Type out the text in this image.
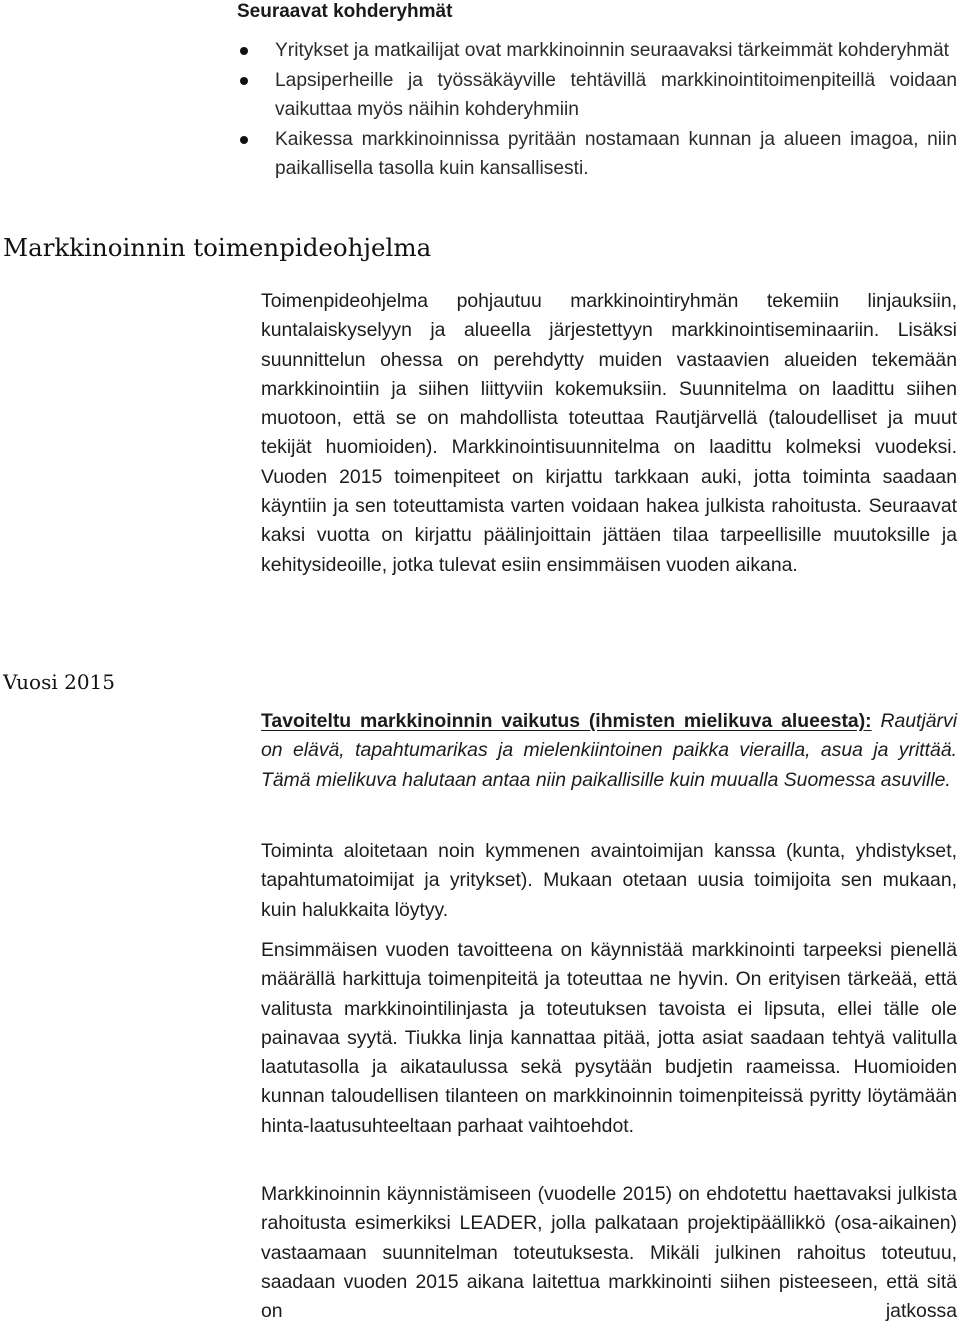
Seuraavat kohderyhmät
Yritykset ja matkailijat ovat markkinoinnin seuraavaksi tärkeimmät kohderyhmät
Lapsiperheille ja työssäkäyville tehtävillä markkinointitoimenpiteillä voidaan vaikuttaa myös näihin kohderyhmiin
Kaikessa markkinoinnissa pyritään nostamaan kunnan ja alueen imagoa, niin paikallisella tasolla kuin kansallisesti.
Markkinoinnin toimenpideohjelma

Toimenpideohjelma pohjautuu markkinointiryhmän tekemiin linjauksiin, kuntalaiskyselyyn ja alueella järjestettyyn markkinointiseminaariin. Lisäksi suunnittelun ohessa on perehdytty muiden vastaavien alueiden tekemään markkinointiin ja siihen liittyviin kokemuksiin. Suunnitelma on laadittu siihen muotoon, että se on mahdollista toteuttaa Rautjärvellä (taloudelliset ja muut tekijät huomioiden). Markkinointisuunnitelma on laadittu kolmeksi vuodeksi. Vuoden 2015 toimenpiteet on kirjattu tarkkaan auki, jotta toiminta saadaan käyntiin ja sen toteuttamista varten voidaan hakea julkista rahoitusta. Seuraavat kaksi vuotta on kirjattu päälinjoittain jättäen tilaa tarpeellisille muutoksille ja kehitysideoille, jotka tulevat esiin ensimmäisen vuoden aikana.

Vuosi 2015

Tavoiteltu markkinoinnin vaikutus (ihmisten mielikuva alueesta): Rautjärvi on elävä, tapahtumarikas ja mielenkiintoinen paikka vierailla, asua ja yrittää. Tämä mielikuva halutaan antaa niin paikallisille kuin muualla Suomessa asuville.

Toiminta aloitetaan noin kymmenen avaintoimijan kanssa (kunta, yhdistykset, tapahtumatoimijat ja yritykset). Mukaan otetaan uusia toimijoita sen mukaan, kuin halukkaita löytyy.

Ensimmäisen vuoden tavoitteena on käynnistää markkinointi tarpeeksi pienellä määrällä harkittuja toimenpiteitä ja toteuttaa ne hyvin. On erityisen tärkeää, että valitusta markkinointilinjasta ja toteutuksen tavoista ei lipsuta, ellei tälle ole painavaa syytä. Tiukka linja kannattaa pitää, jotta asiat saadaan tehtyä valitulla laatutasolla ja aikataulussa sekä pysytään budjetin raameissa. Huomioiden kunnan taloudellisen tilanteen on markkinoinnin toimenpiteissä pyritty löytämään hinta-laatusuhteeltaan parhaat vaihtoehdot.

Markkinoinnin käynnistämiseen (vuodelle 2015) on ehdotettu haettavaksi julkista rahoitusta esimerkiksi LEADER, jolla palkataan projektipäällikkö (osa-aikainen) vastaamaan suunnitelman toteutuksesta. Mikäli julkinen rahoitus toteutuu, saadaan vuoden 2015 aikana laitettua markkinointi siihen pisteeseen, että sitä on jatkossa
